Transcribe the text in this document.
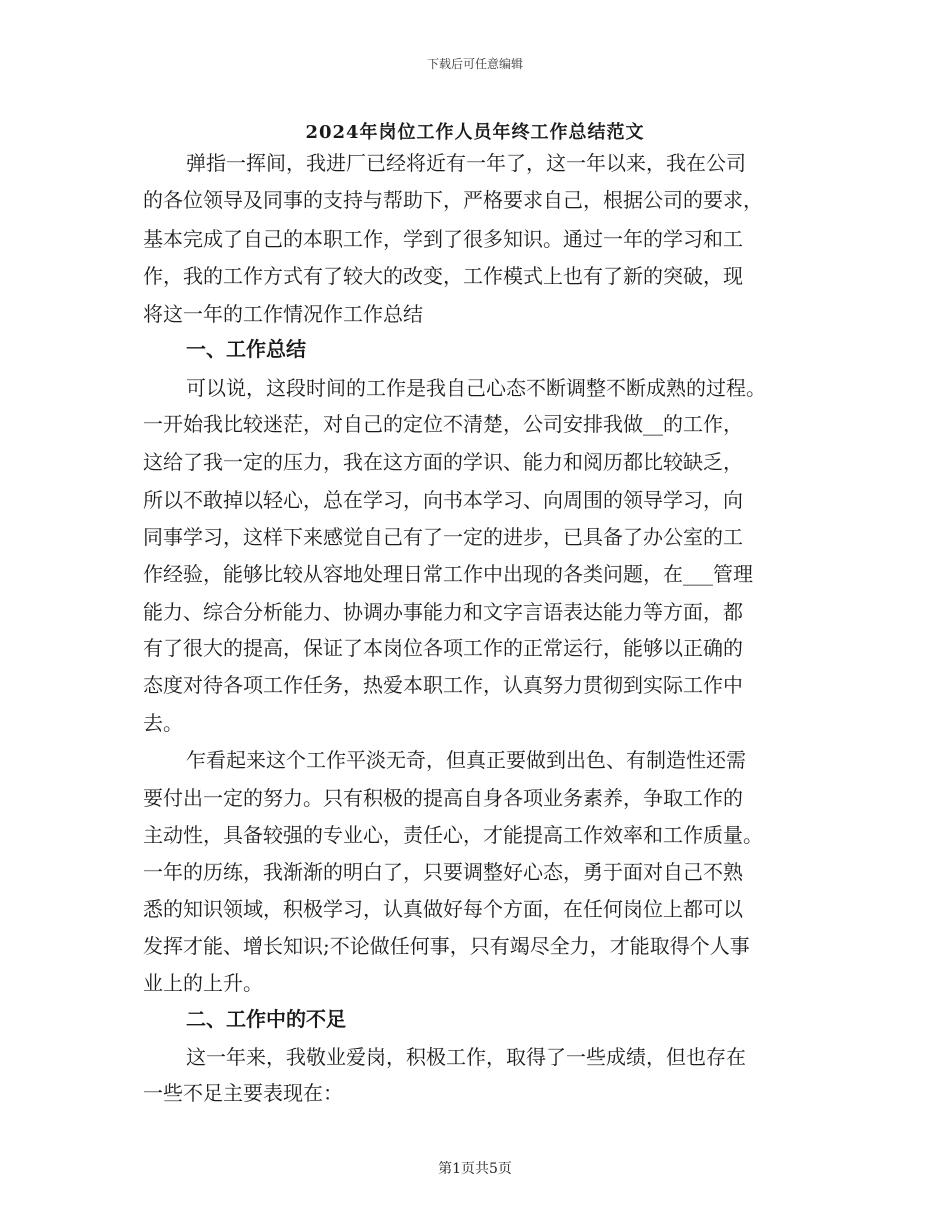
下载后可任意编辑
2024年岗位工作人员年终工作总结范文
弹指一挥间，我进厂已经将近有一年了，这一年以来，我在公司
的各位领导及同事的支持与帮助下，严格要求自己，根据公司的要求，
基本完成了自己的本职工作，学到了很多知识。通过一年的学习和工
作，我的工作方式有了较大的改变，工作模式上也有了新的突破，现
将这一年的工作情况作工作总结
一、工作总结
可以说，这段时间的工作是我自己心态不断调整不断成熟的过程。
一开始我比较迷茫，对自己的定位不清楚，公司安排我做__的工作，
这给了我一定的压力，我在这方面的学识、能力和阅历都比较缺乏，
所以不敢掉以轻心，总在学习，向书本学习、向周围的领导学习，向
同事学习，这样下来感觉自己有了一定的进步，已具备了办公室的工
作经验，能够比较从容地处理日常工作中出现的各类问题，在___管理
能力、综合分析能力、协调办事能力和文字言语表达能力等方面，都
有了很大的提高，保证了本岗位各项工作的正常运行，能够以正确的
态度对待各项工作任务，热爱本职工作，认真努力贯彻到实际工作中
去。
乍看起来这个工作平淡无奇，但真正要做到出色、有制造性还需
要付出一定的努力。只有积极的提高自身各项业务素养，争取工作的
主动性，具备较强的专业心，责任心，才能提高工作效率和工作质量。
一年的历练，我渐渐的明白了，只要调整好心态，勇于面对自己不熟
悉的知识领域，积极学习，认真做好每个方面，在任何岗位上都可以
发挥才能、增长知识;不论做任何事，只有竭尽全力，才能取得个人事
业上的上升。
二、工作中的不足
这一年来，我敬业爱岗，积极工作，取得了一些成绩，但也存在
一些不足主要表现在：
第1页共5页
